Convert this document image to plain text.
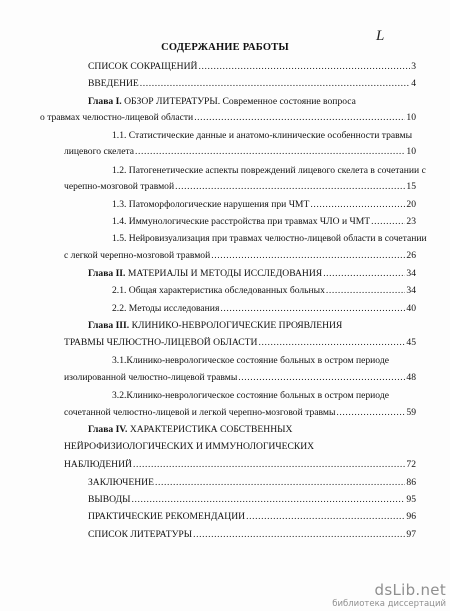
L
СОДЕРЖАНИЕ РАБОТЫ
СПИСОК СОКРАЩЕНИЙ .....	3
ВВЕДЕНИЕ .....	4
Глава I. ОБЗОР ЛИТЕРАТУРЫ. Современное состояние вопроса
о травмах челюстно-лицевой области .....	10
1.1. Статистические данные и анатомо-клинические особенности травмы
лицевого скелета .....	10
1.2. Патогенетические аспекты повреждений лицевого скелета в сочетании с
черепно-мозговой травмой .....	15
1.3. Патоморфологические нарушения при ЧМТ .....	20
1.4. Иммунологические расстройства при травмах ЧЛО и ЧМТ .....	23
1.5. Нейровизуализация при травмах челюстно-лицевой области в сочетании
с легкой черепно-мозговой травмой .....	26
Глава II. МАТЕРИАЛЫ И МЕТОДЫ ИССЛЕДОВАНИЯ .....	34
2.1. Общая характеристика обследованных больных .....	34
2.2. Методы исследования .....	40
Глава III. КЛИНИКО-НЕВРОЛОГИЧЕСКИЕ ПРОЯВЛЕНИЯ
ТРАВМЫ ЧЕЛЮСТНО-ЛИЦЕВОЙ ОБЛАСТИ .....	45
3.1.Клинико-неврологическое состояние больных в остром периоде
изолированной челюстно-лицевой травмы .....	48
3.2.Клинико-неврологическое состояние больных в остром периоде
сочетанной челюстно-лицевой и легкой черепно-мозговой травмы .....	59
Глава IV. ХАРАКТЕРИСТИКА СОБСТВЕННЫХ
НЕЙРОФИЗИОЛОГИЧЕСКИХ И ИММУНОЛОГИЧЕСКИХ
НАБЛЮДЕНИЙ .....	72
ЗАКЛЮЧЕНИЕ .....	86
ВЫВОДЫ .....	95
ПРАКТИЧЕСКИЕ РЕКОМЕНДАЦИИ .....	96
СПИСОК ЛИТЕРАТУРЫ .....	97
dsLib.net
библиотека диссертаций
